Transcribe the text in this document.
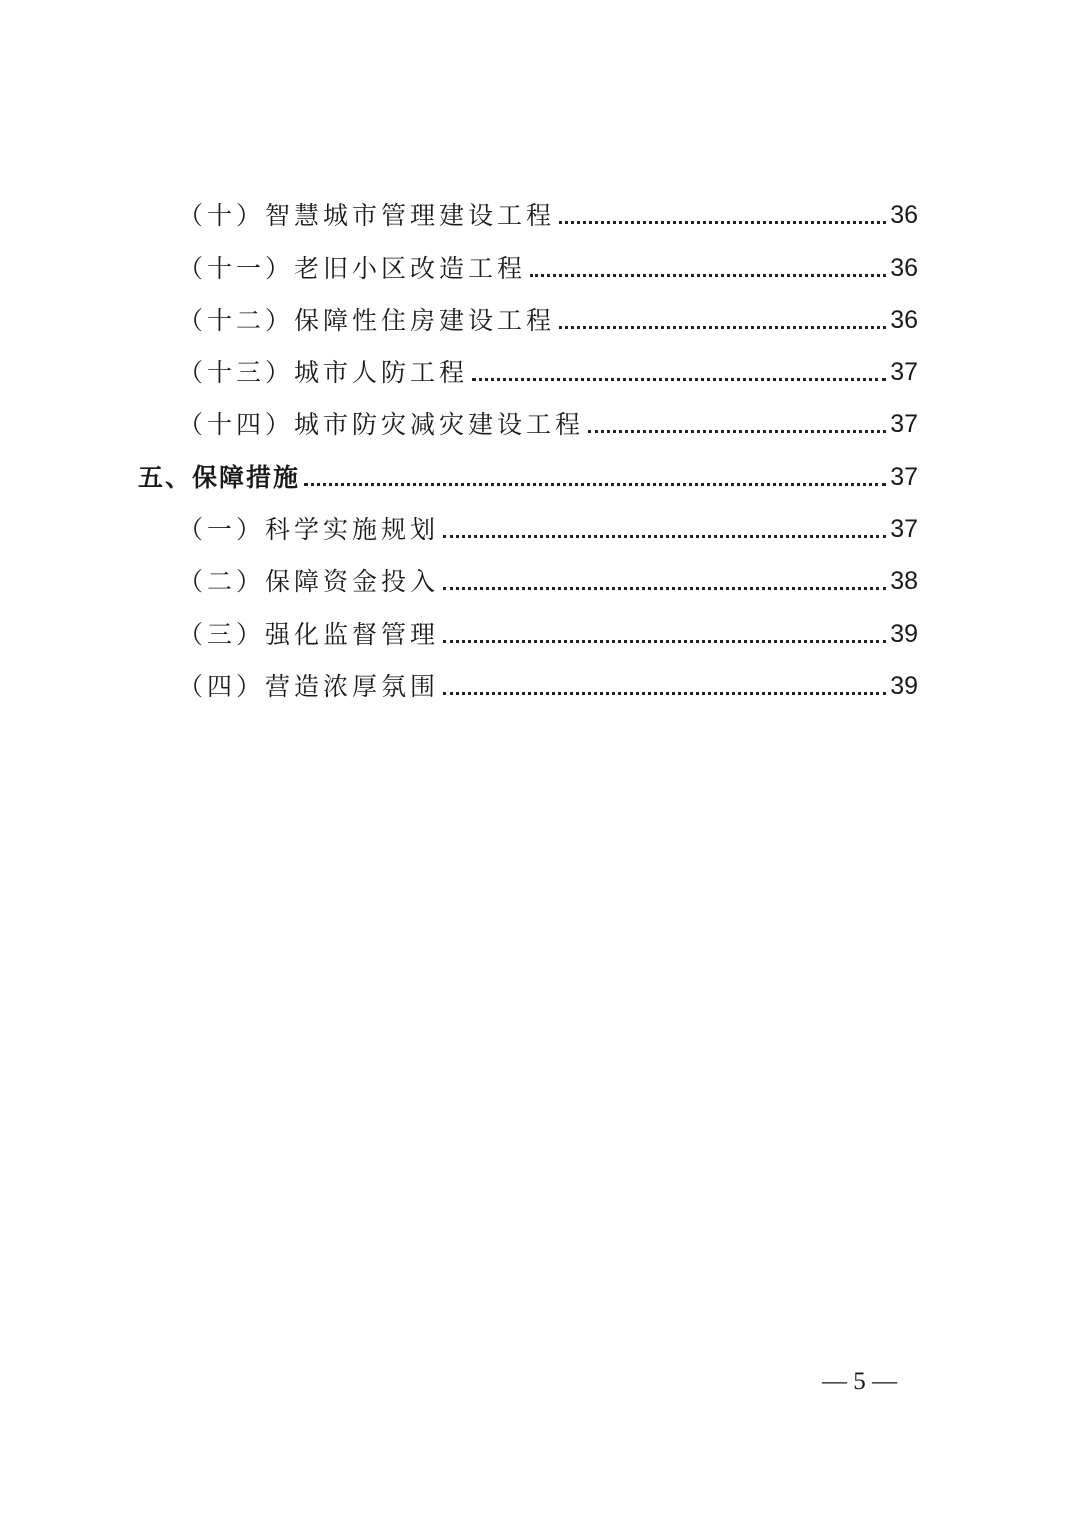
（十）智慧城市管理建设工程	36
（十一）老旧小区改造工程	36
（十二）保障性住房建设工程	36
（十三）城市人防工程	37
（十四）城市防灾减灾建设工程	37
五、保障措施	37
（一）科学实施规划	37
（二）保障资金投入	38
（三）强化监督管理	39
（四）营造浓厚氛围	39
— 5 —
